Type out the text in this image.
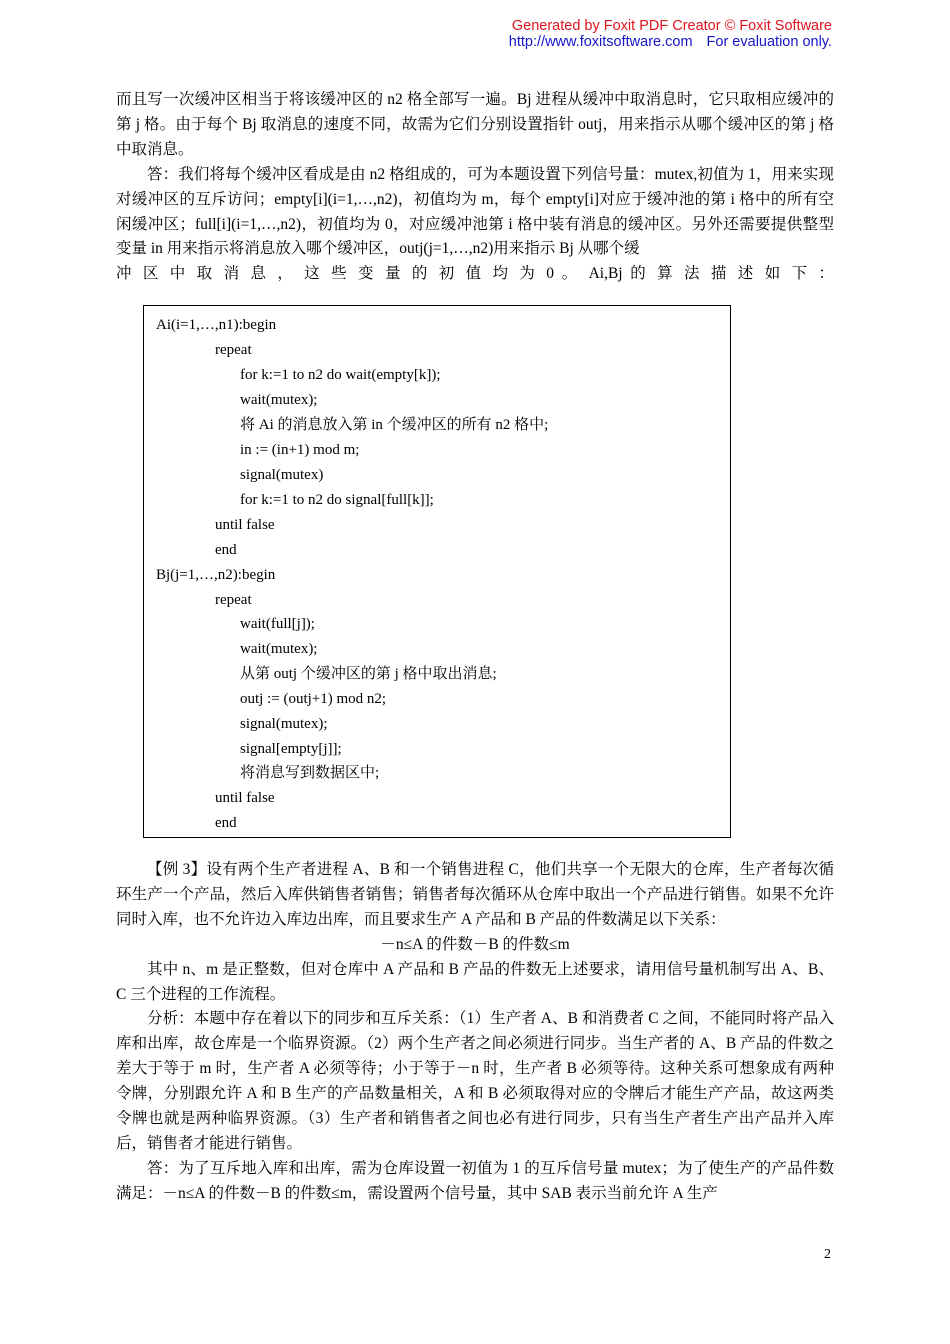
Generated by Foxit PDF Creator © Foxit Software
http://www.foxitsoftware.com For evaluation only.

而且写一次缓冲区相当于将该缓冲区的 n2 格全部写一遍。Bj 进程从缓冲中取消息时，它只取相应缓冲的第 j 格。由于每个 Bj 取消息的速度不同，故需为它们分别设置指针 outj，用来指示从哪个缓冲区的第 j 格中取消息。

答：我们将每个缓冲区看成是由 n2 格组成的，可为本题设置下列信号量：mutex,初值为 1，用来实现对缓冲区的互斥访问；empty[i](i=1,…,n2)，初值均为 m，每个 empty[i]对应于缓冲池的第 i 格中的所有空闲缓冲区；full[i](i=1,…,n2)，初值均为 0，对应缓冲池第 i 格中装有消息的缓冲区。另外还需要提供整型变量 in 用来指示将消息放入哪个缓冲区，outj(j=1,…,n2)用来指示 Bj 从哪个缓

冲 区 中 取 消 息 ， 这 些 变 量 的 初 值 均 为 0 。 Ai,Bj 的 算 法 描 述 如 下 ：

Ai(i=1,…,n1):begin
repeat
for k:=1 to n2 do wait(empty[k]);
wait(mutex);
将 Ai 的消息放入第 in 个缓冲区的所有 n2 格中;
in := (in+1) mod m;
signal(mutex)
for k:=1 to n2 do signal[full[k]];
until false
end
Bj(j=1,…,n2):begin
repeat
wait(full[j]);
wait(mutex);
从第 outj 个缓冲区的第 j 格中取出消息;
outj := (outj+1) mod n2;
signal(mutex);
signal[empty[j]];
将消息写到数据区中;
until false
end

【例 3】设有两个生产者进程 A、B 和一个销售进程 C，他们共享一个无限大的仓库，生产者每次循环生产一个产品，然后入库供销售者销售；销售者每次循环从仓库中取出一个产品进行销售。如果不允许同时入库，也不允许边入库边出库，而且要求生产 A 产品和 B 产品的件数满足以下关系：

－n≤A 的件数－B 的件数≤m

其中 n、m 是正整数，但对仓库中 A 产品和 B 产品的件数无上述要求，请用信号量机制写出 A、B、C 三个进程的工作流程。

分析：本题中存在着以下的同步和互斥关系：（1）生产者 A、B 和消费者 C 之间，不能同时将产品入库和出库，故仓库是一个临界资源。（2）两个生产者之间必须进行同步。当生产者的 A、B 产品的件数之差大于等于 m 时，生产者 A 必须等待；小于等于－n 时，生产者 B 必须等待。这种关系可想象成有两种令牌，分别跟允许 A 和 B 生产的产品数量相关，A 和 B 必须取得对应的令牌后才能生产产品，故这两类令牌也就是两种临界资源。（3）生产者和销售者之间也必有进行同步，只有当生产者生产出产品并入库后，销售者才能进行销售。

答：为了互斥地入库和出库，需为仓库设置一初值为 1 的互斥信号量 mutex；为了使生产的产品件数满足：－n≤A 的件数－B 的件数≤m，需设置两个信号量，其中 SAB 表示当前允许 A 生产

2
